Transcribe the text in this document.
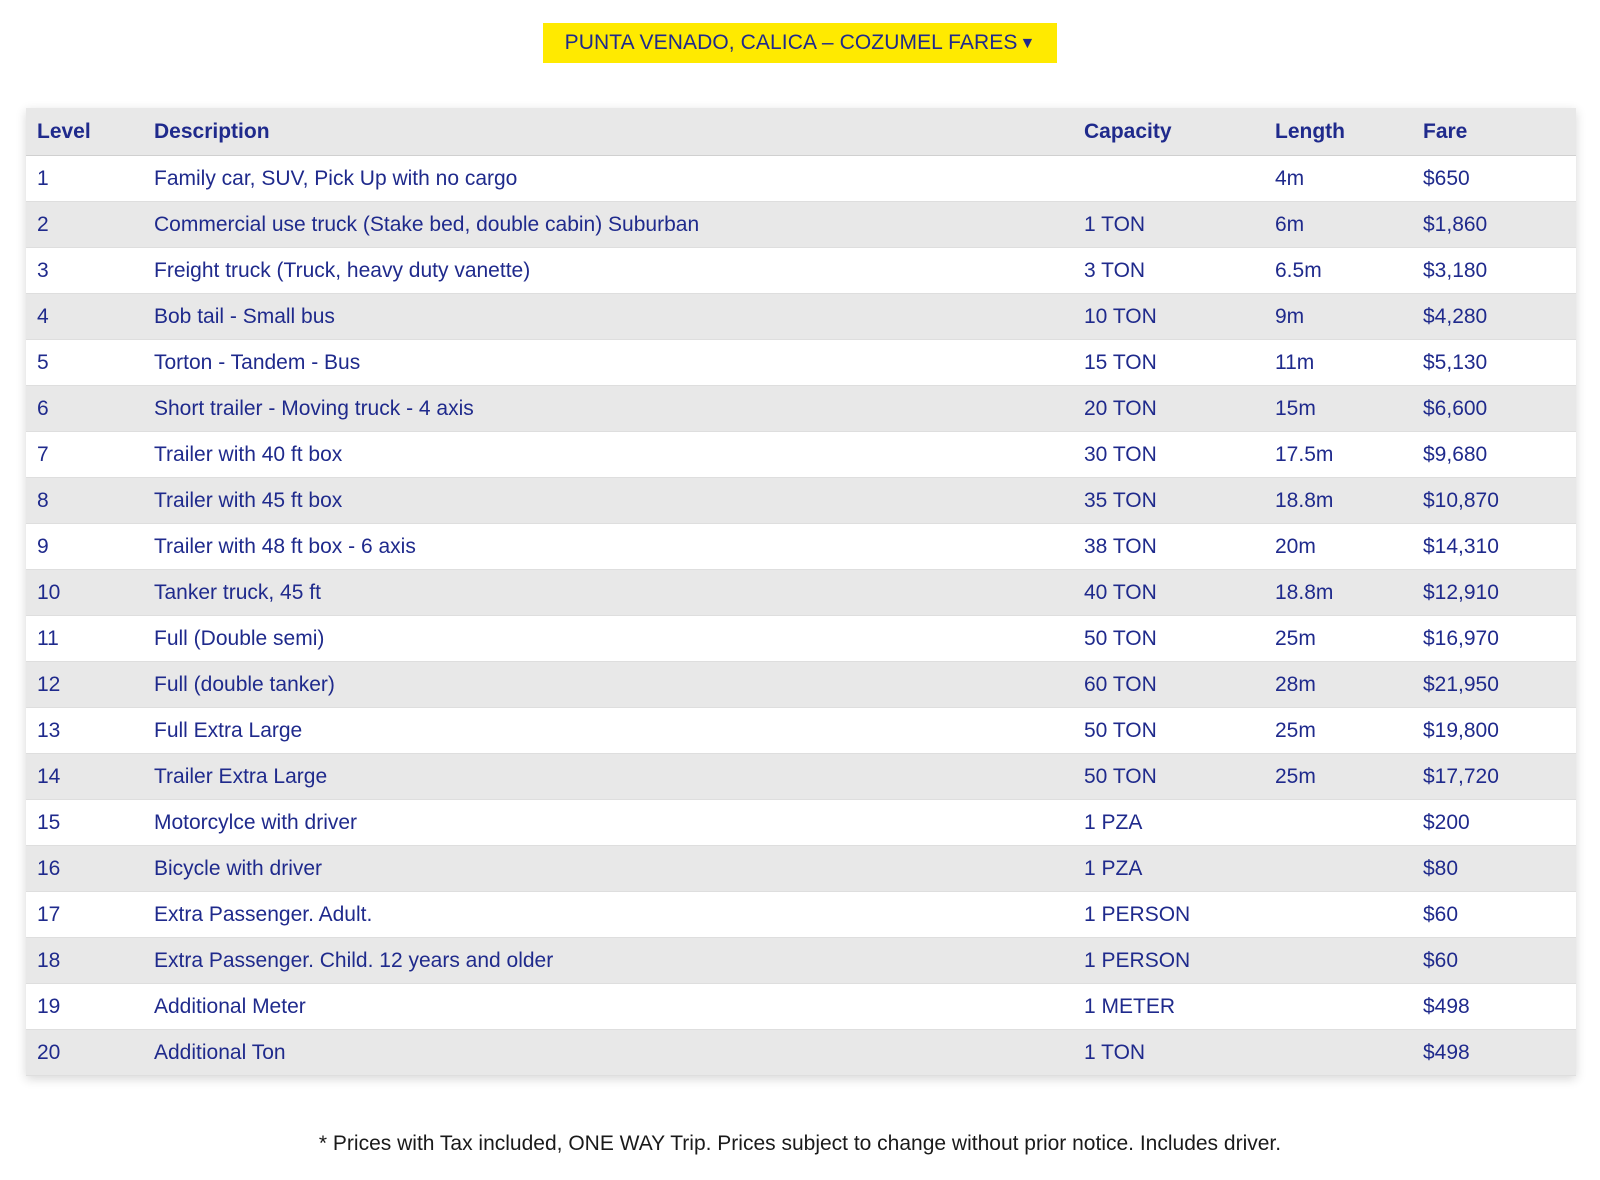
PUNTA VENADO, CALICA – COZUMEL FARES ▼
Level	Description	Capacity	Length	Fare
1	Family car, SUV, Pick Up with no cargo		4m	$650
2	Commercial use truck (Stake bed, double cabin) Suburban	1 TON	6m	$1,860
3	Freight truck (Truck, heavy duty vanette)	3 TON	6.5m	$3,180
4	Bob tail - Small bus	10 TON	9m	$4,280
5	Torton - Tandem - Bus	15 TON	11m	$5,130
6	Short trailer - Moving truck - 4 axis	20 TON	15m	$6,600
7	Trailer with 40 ft box	30 TON	17.5m	$9,680
8	Trailer with 45 ft box	35 TON	18.8m	$10,870
9	Trailer with 48 ft box - 6 axis	38 TON	20m	$14,310
10	Tanker truck, 45 ft	40 TON	18.8m	$12,910
11	Full (Double semi)	50 TON	25m	$16,970
12	Full (double tanker)	60 TON	28m	$21,950
13	Full Extra Large	50 TON	25m	$19,800
14	Trailer Extra Large	50 TON	25m	$17,720
15	Motorcylce with driver	1 PZA		$200
16	Bicycle with driver	1 PZA		$80
17	Extra Passenger. Adult.	1 PERSON		$60
18	Extra Passenger. Child. 12 years and older	1 PERSON		$60
19	Additional Meter	1 METER		$498
20	Additional Ton	1 TON		$498
* Prices with Tax included, ONE WAY Trip. Prices subject to change without prior notice. Includes driver.
